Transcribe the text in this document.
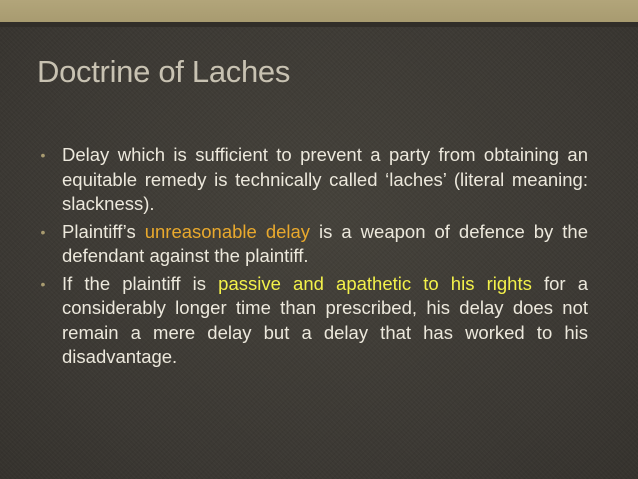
Doctrine of Laches
• Delay which is sufficient to prevent a party from obtaining an equitable remedy is technically called ‘laches’ (literal meaning: slackness).
• Plaintiff’s unreasonable delay is a weapon of defence by the defendant against the plaintiff.
• If the plaintiff is passive and apathetic to his rights for a considerably longer time than prescribed, his delay does not remain a mere delay but a delay that has worked to his disadvantage.
